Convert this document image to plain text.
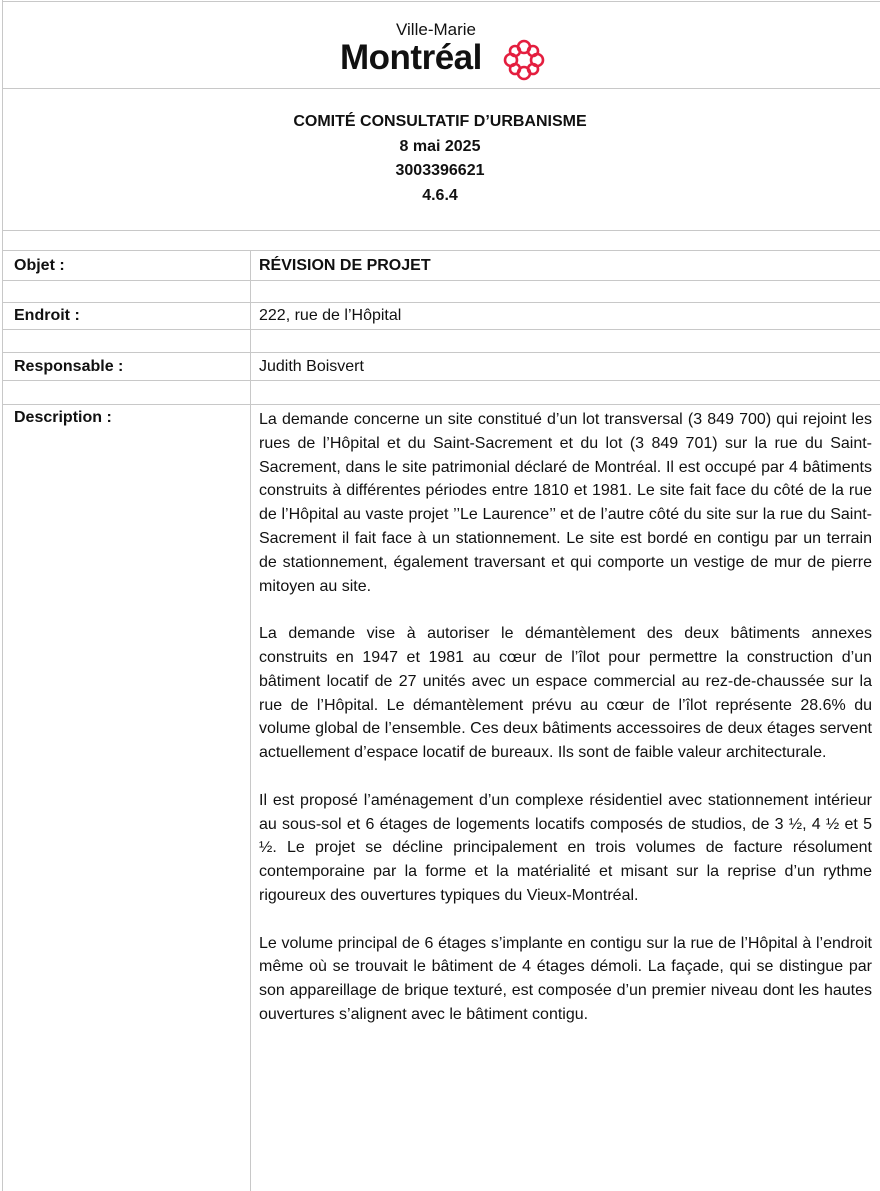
Ville-Marie
Montréal
COMITÉ CONSULTATIF D’URBANISME
8 mai 2025
3003396621
4.6.4
Objet :	RÉVISION DE PROJET
Endroit :	222, rue de l’Hôpital
Responsable :	Judith Boisvert
Description :	La demande concerne un site constitué d’un lot transversal (3 849 700) qui rejoint les rues de l’Hôpital et du Saint-Sacrement et du lot (3 849 701) sur la rue du Saint-Sacrement, dans le site patrimonial déclaré de Montréal. Il est occupé par 4 bâtiments construits à différentes périodes entre 1810 et 1981. Le site fait face du côté de la rue de l’Hôpital au vaste projet ’’Le Laurence’’ et de l’autre côté du site sur la rue du Saint-Sacrement il fait face à un stationnement. Le site est bordé en contigu par un terrain de stationnement, également traversant et qui comporte un vestige de mur de pierre mitoyen au site.

La demande vise à autoriser le démantèlement des deux bâtiments annexes construits en 1947 et 1981 au cœur de l’îlot pour permettre la construction d’un bâtiment locatif de 27 unités avec un espace commercial au rez-de-chaussée sur la rue de l’Hôpital. Le démantèlement prévu au cœur de l’îlot représente 28.6% du volume global de l’ensemble. Ces deux bâtiments accessoires de deux étages servent actuellement d’espace locatif de bureaux. Ils sont de faible valeur architecturale.

Il est proposé l’aménagement d’un complexe résidentiel avec stationnement intérieur au sous-sol et 6 étages de logements locatifs composés de studios, de 3 ½, 4 ½ et 5 ½. Le projet se décline principalement en trois volumes de facture résolument contemporaine par la forme et la matérialité et misant sur la reprise d’un rythme rigoureux des ouvertures typiques du Vieux-Montréal.

Le volume principal de 6 étages s’implante en contigu sur la rue de l’Hôpital à l’endroit même où se trouvait le bâtiment de 4 étages démoli. La façade, qui se distingue par son appareillage de brique texturé, est composée d’un premier niveau dont les hautes ouvertures s’alignent avec le bâtiment contigu.
